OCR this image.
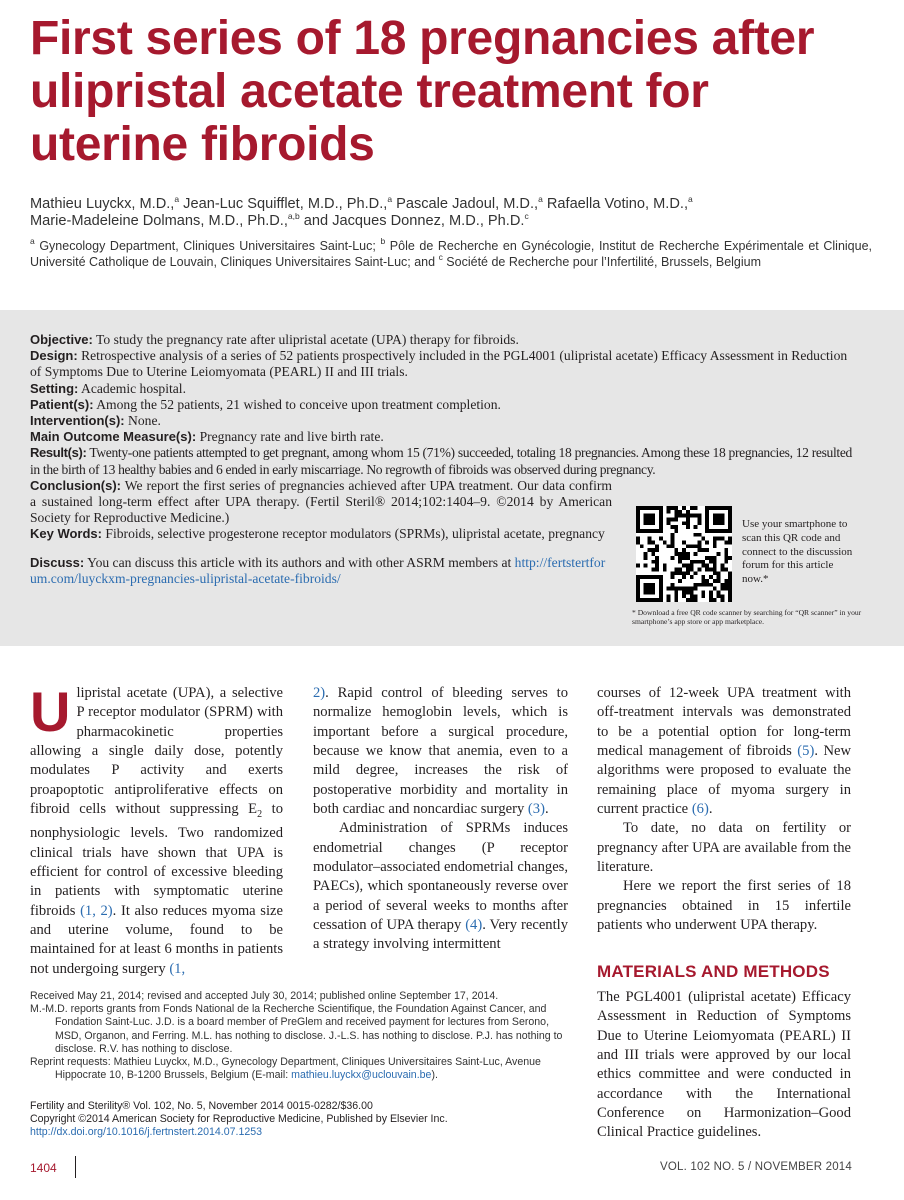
First series of 18 pregnancies after ulipristal acetate treatment for uterine fibroids
Mathieu Luyckx, M.D.,$^a$ Jean-Luc Squifflet, M.D., Ph.D.,$^a$ Pascale Jadoul, M.D.,$^a$ Rafaella Votino, M.D.,$^a$
Marie-Madeleine Dolmans, M.D., Ph.D.,$^{a,b}$ and Jacques Donnez, M.D., Ph.D.$^c$
$^a$ Gynecology Department, Cliniques Universitaires Saint-Luc; $^b$ Pôle de Recherche en Gynécologie, Institut de Recherche Expérimentale et Clinique, Université Catholique de Louvain, Cliniques Universitaires Saint-Luc; and $^c$ Société de Recherche pour l’Infertilité, Brussels, Belgium

Objective: To study the pregnancy rate after ulipristal acetate (UPA) therapy for fibroids.

Design: Retrospective analysis of a series of 52 patients prospectively included in the PGL4001 (ulipristal acetate) Efficacy Assessment in Reduction of Symptoms Due to Uterine Leiomyomata (PEARL) II and III trials.

Setting: Academic hospital.

Patient(s): Among the 52 patients, 21 wished to conceive upon treatment completion.

Intervention(s): None.

Main Outcome Measure(s): Pregnancy rate and live birth rate.

Result(s): Twenty-one patients attempted to get pregnant, among whom 15 (71%) succeeded, totaling 18 pregnancies. Among these 18 pregnancies, 12 resulted in the birth of 13 healthy babies and 6 ended in early miscarriage. No regrowth of fibroids was observed during pregnancy.

Conclusion(s): We report the first series of pregnancies achieved after UPA treatment. Our data confirm a sustained long-term effect after UPA therapy. (Fertil Steril® 2014;102:1404–9. ©2014 by American Society for Reproductive Medicine.)

Key Words: Fibroids, selective progesterone receptor modulators (SPRMs), ulipristal acetate, pregnancy

Discuss: You can discuss this article with its authors and with other ASRM members at http://fertstertforum.com/luyckxm-pregnancies-ulipristal-acetate-fibroids/

Use your smartphone to scan this QR code and connect to the discussion forum for this article now.*
* Download a free QR code scanner by searching for “QR scanner” in your smartphone’s app store or app marketplace.

Ulipristal acetate (UPA), a selective P receptor modulator (SPRM) with pharmacokinetic properties allowing a single daily dose, potently modulates P activity and exerts proapoptotic antiproliferative effects on fibroid cells without suppressing $E_2$ to nonphysiologic levels. Two randomized clinical trials have shown that UPA is efficient for control of excessive bleeding in patients with symptomatic uterine fibroids (1, 2). It also reduces myoma size and uterine volume, found to be maintained for at least 6 months in patients not undergoing surgery (1,

2). Rapid control of bleeding serves to normalize hemoglobin levels, which is important before a surgical procedure, because we know that anemia, even to a mild degree, increases the risk of postoperative morbidity and mortality in both cardiac and noncardiac surgery (3).

Administration of SPRMs induces endometrial changes (P receptor modulator–associated endometrial changes, PAECs), which spontaneously reverse over a period of several weeks to months after cessation of UPA therapy (4). Very recently a strategy involving intermittent

courses of 12-week UPA treatment with off-treatment intervals was demonstrated to be a potential option for long-term medical management of fibroids (5). New algorithms were proposed to evaluate the remaining place of myoma surgery in current practice (6).

To date, no data on fertility or pregnancy after UPA are available from the literature.

Here we report the first series of 18 pregnancies obtained in 15 infertile patients who underwent UPA therapy.

MATERIALS AND METHODS

The PGL4001 (ulipristal acetate) Efficacy Assessment in Reduction of Symptoms Due to Uterine Leiomyomata (PEARL) II and III trials were approved by our local ethics committee and were conducted in accordance with the International Conference on Harmonization–Good Clinical Practice guidelines.

Received May 21, 2014; revised and accepted July 30, 2014; published online September 17, 2014.

M.-M.D. reports grants from Fonds National de la Recherche Scientifique, the Foundation Against Cancer, and Fondation Saint-Luc. J.D. is a board member of PreGlem and received payment for lectures from Serono, MSD, Organon, and Ferring. M.L. has nothing to disclose. J.-L.S. has nothing to disclose. P.J. has nothing to disclose. R.V. has nothing to disclose.

Reprint requests: Mathieu Luyckx, M.D., Gynecology Department, Cliniques Universitaires Saint-Luc, Avenue Hippocrate 10, B-1200 Brussels, Belgium (E-mail: mathieu.luyckx@uclouvain.be).

Fertility and Sterility® Vol. 102, No. 5, November 2014 0015-0282/$36.00

Copyright ©2014 American Society for Reproductive Medicine, Published by Elsevier Inc.

http://dx.doi.org/10.1016/j.fertnstert.2014.07.1253

1404	VOL. 102 NO. 5 / NOVEMBER 2014
